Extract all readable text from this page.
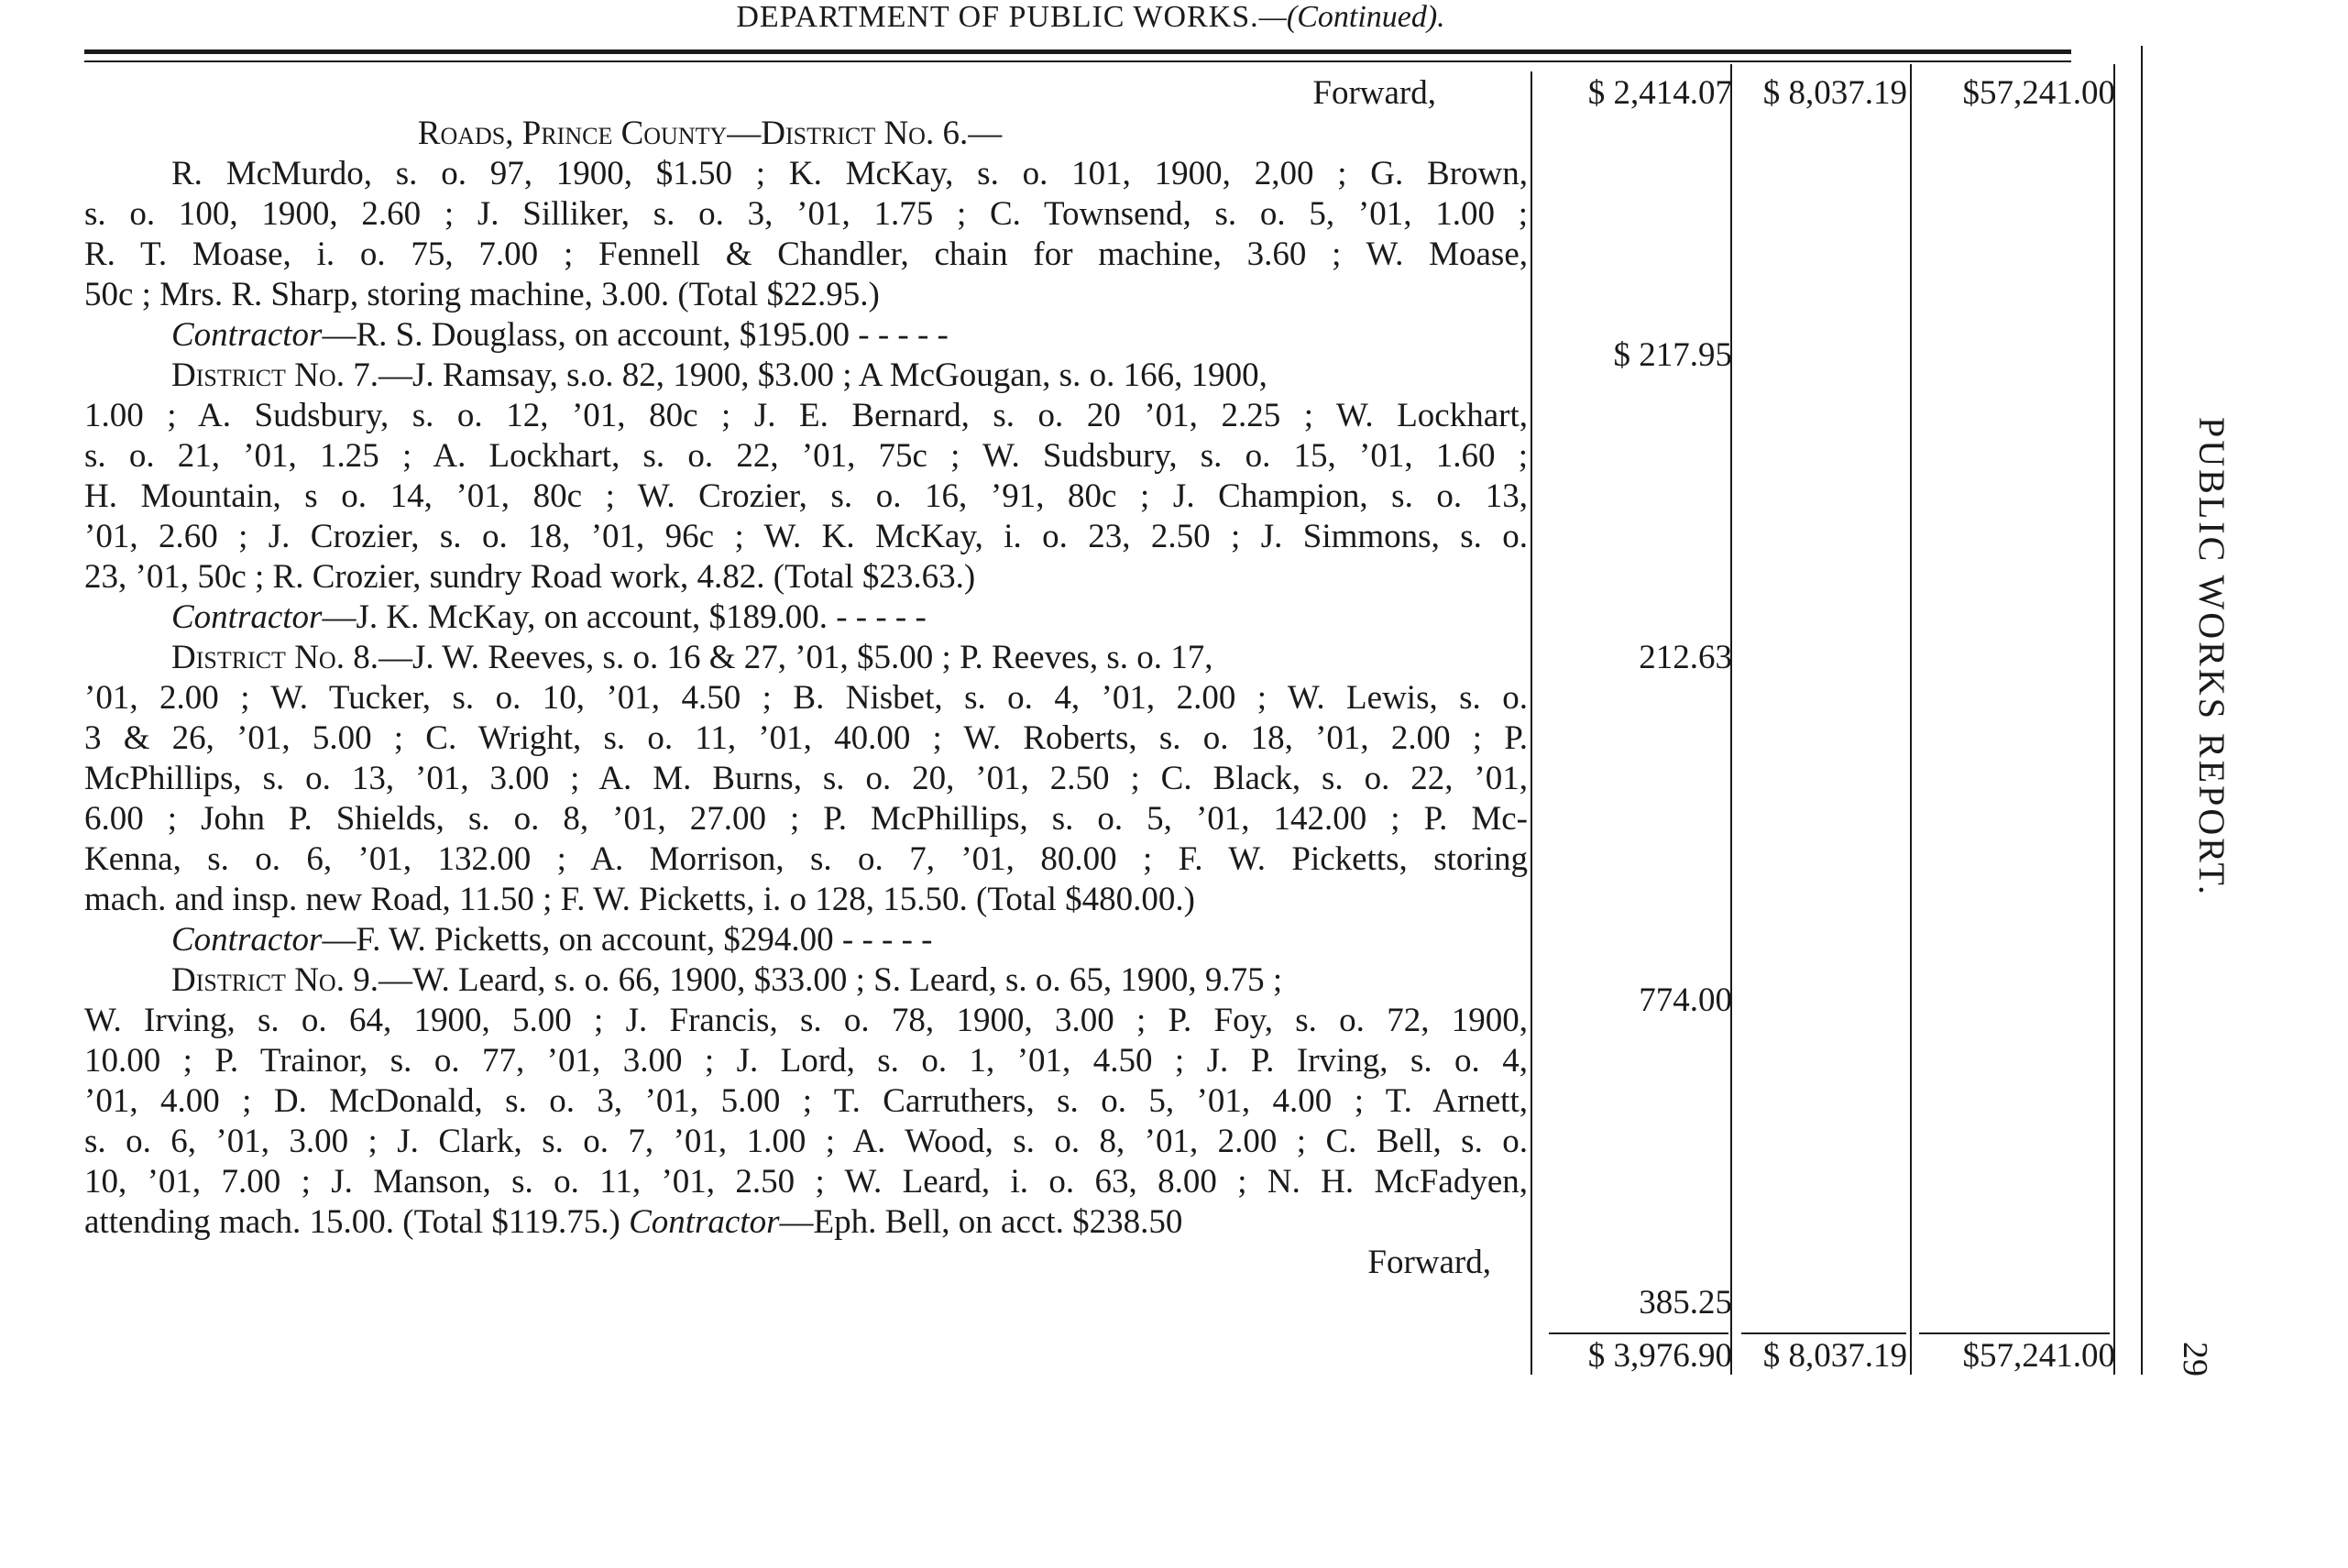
DEPARTMENT OF PUBLIC WORKS.—(Continued).
Forward,
Roads, Prince County—District No. 6.—
R. McMurdo, s. o. 97, 1900, $1.50 ; K. McKay, s. o. 101, 1900, 2,00 ; G. Brown,
s. o. 100, 1900, 2.60 ; J. Silliker, s. o. 3, ’01, 1.75 ; C. Townsend, s. o. 5, ’01, 1.00 ;
R. T. Moase, i. o. 75, 7.00 ; Fennell & Chandler, chain for machine, 3.60 ; W. Moase,
50c ; Mrs. R. Sharp, storing machine, 3.00. (Total $22.95.)
Contractor—R. S. Douglass, on account, $195.00 - - - - -
District No. 7.—J. Ramsay, s.o. 82, 1900, $3.00 ; A McGougan, s. o. 166, 1900,
1.00 ; A. Sudsbury, s. o. 12, ’01, 80c ; J. E. Bernard, s. o. 20 ’01, 2.25 ; W. Lockhart,
s. o. 21, ’01, 1.25 ; A. Lockhart, s. o. 22, ’01, 75c ; W. Sudsbury, s. o. 15, ’01, 1.60 ;
H. Mountain, s o. 14, ’01, 80c ; W. Crozier, s. o. 16, ’91, 80c ; J. Champion, s. o. 13,
’01, 2.60 ; J. Crozier, s. o. 18, ’01, 96c ; W. K. McKay, i. o. 23, 2.50 ; J. Simmons, s. o.
23, ’01, 50c ; R. Crozier, sundry Road work, 4.82. (Total $23.63.)
Contractor—J. K. McKay, on account, $189.00. - - - - -
District No. 8.—J. W. Reeves, s. o. 16 & 27, ’01, $5.00 ; P. Reeves, s. o. 17,
’01, 2.00 ; W. Tucker, s. o. 10, ’01, 4.50 ; B. Nisbet, s. o. 4, ’01, 2.00 ; W. Lewis, s. o.
3 & 26, ’01, 5.00 ; C. Wright, s. o. 11, ’01, 40.00 ; W. Roberts, s. o. 18, ’01, 2.00 ; P.
McPhillips, s. o. 13, ’01, 3.00 ; A. M. Burns, s. o. 20, ’01, 2.50 ; C. Black, s. o. 22, ’01,
6.00 ; John P. Shields, s. o. 8, ’01, 27.00 ; P. McPhillips, s. o. 5, ’01, 142.00 ; P. Mc-
Kenna, s. o. 6, ’01, 132.00 ; A. Morrison, s. o. 7, ’01, 80.00 ; F. W. Picketts, storing
mach. and insp. new Road, 11.50 ; F. W. Picketts, i. o 128, 15.50. (Total $480.00.)
Contractor—F. W. Picketts, on account, $294.00 - - - - -
District No. 9.—W. Leard, s. o. 66, 1900, $33.00 ; S. Leard, s. o. 65, 1900, 9.75 ;
W. Irving, s. o. 64, 1900, 5.00 ; J. Francis, s. o. 78, 1900, 3.00 ; P. Foy, s. o. 72, 1900,
10.00 ; P. Trainor, s. o. 77, ’01, 3.00 ; J. Lord, s. o. 1, ’01, 4.50 ; J. P. Irving, s. o. 4,
’01, 4.00 ; D. McDonald, s. o. 3, ’01, 5.00 ; T. Carruthers, s. o. 5, ’01, 4.00 ; T. Arnett,
s. o. 6, ’01, 3.00 ; J. Clark, s. o. 7, ’01, 1.00 ; A. Wood, s. o. 8, ’01, 2.00 ; C. Bell, s. o.
10, ’01, 7.00 ; J. Manson, s. o. 11, ’01, 2.50 ; W. Leard, i. o. 63, 8.00 ; N. H. McFadyen,
attending mach. 15.00. (Total $119.75.) Contractor—Eph. Bell, on acct. $238.50
Forward,
$ 2,414.07 $ 8,037.19	$57,241.00
$ 217.95
212.63
774.00
385.25
$ 3,976.90 $ 8,037.19	$57,241.00
PUBLIC WORKS REPORT.
29
